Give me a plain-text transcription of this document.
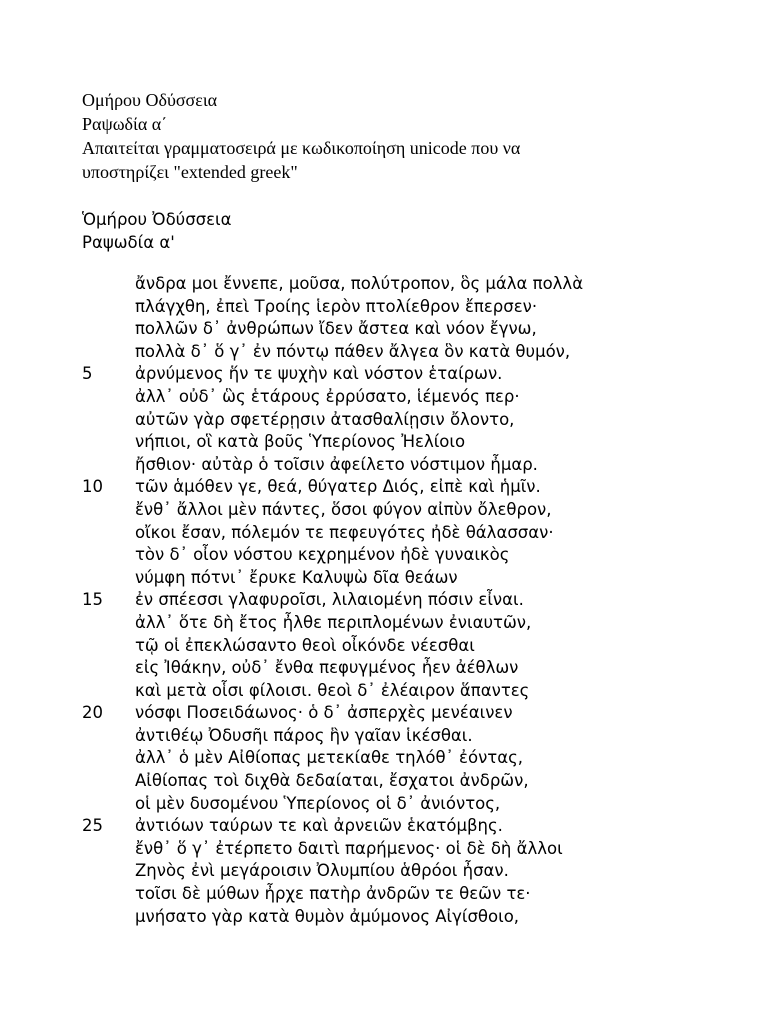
Ομήρου Οδύσσεια
Ραψωδία α΄
Απαιτείται γραμματοσειρά με κωδικοποίηση unicode που να
υποστηρίζει "extended greek"
Ὁμήρου Ὀδύσσεια
Ραψωδία α'
ἄνδρα μοι ἔννεπε, μοῦσα, πολύτροπον, ὃς μάλα πολλὰ
πλάγχθη, ἐπεὶ Τροίης ἱερὸν πτολίεθρον ἔπερσεν·
πολλῶν δ᾽ ἀνθρώπων ἴδεν ἄστεα καὶ νόον ἔγνω,
πολλὰ δ᾽ ὅ γ᾽ ἐν πόντῳ πάθεν ἄλγεα ὃν κατὰ θυμόν,
5	ἀρνύμενος ἥν τε ψυχὴν καὶ νόστον ἑταίρων.
ἀλλ᾽ οὐδ᾽ ὣς ἑτάρους ἐρρύσατο, ἱέμενός περ·
αὐτῶν γὰρ σφετέρῃσιν ἀτασθαλίῃσιν ὄλοντο,
νήπιοι, οἳ κατὰ βοῦς Ὑπερίονος Ἠελίοιο
ἤσθιον· αὐτὰρ ὁ τοῖσιν ἀφείλετο νόστιμον ἦμαρ.
10	τῶν ἁμόθεν γε, θεά, θύγατερ Διός, εἰπὲ καὶ ἡμῖν.
ἔνθ᾽ ἄλλοι μὲν πάντες, ὅσοι φύγον αἰπὺν ὄλεθρον,
οἴκοι ἔσαν, πόλεμόν τε πεφευγότες ἠδὲ θάλασσαν·
τὸν δ᾽ οἶον νόστου κεχρημένον ἠδὲ γυναικὸς
νύμφη πότνι᾽ ἔρυκε Καλυψὼ δῖα θεάων
15	ἐν σπέεσσι γλαφυροῖσι, λιλαιομένη πόσιν εἶναι.
ἀλλ᾽ ὅτε δὴ ἔτος ἦλθε περιπλομένων ἐνιαυτῶν,
τῷ οἱ ἐπεκλώσαντο θεοὶ οἶκόνδε νέεσθαι
εἰς Ἰθάκην, οὐδ᾽ ἔνθα πεφυγμένος ἦεν ἀέθλων
καὶ μετὰ οἷσι φίλοισι. θεοὶ δ᾽ ἐλέαιρον ἅπαντες
20	νόσφι Ποσειδάωνος· ὁ δ᾽ ἀσπερχὲς μενέαινεν
ἀντιθέῳ Ὀδυσῆι πάρος ἣν γαῖαν ἱκέσθαι.
ἀλλ᾽ ὁ μὲν Αἰθίοπας μετεκίαθε τηλόθ᾽ ἐόντας,
Αἰθίοπας τοὶ διχθὰ δεδαίαται, ἔσχατοι ἀνδρῶν,
οἱ μὲν δυσομένου Ὑπερίονος οἱ δ᾽ ἀνιόντος,
25	ἀντιόων ταύρων τε καὶ ἀρνειῶν ἑκατόμβης.
ἔνθ᾽ ὅ γ᾽ ἐτέρπετο δαιτὶ παρήμενος· οἱ δὲ δὴ ἄλλοι
Ζηνὸς ἐνὶ μεγάροισιν Ὀλυμπίου ἁθρόοι ἦσαν.
τοῖσι δὲ μύθων ἦρχε πατὴρ ἀνδρῶν τε θεῶν τε·
μνήσατο γὰρ κατὰ θυμὸν ἀμύμονος Αἰγίσθοιο,
